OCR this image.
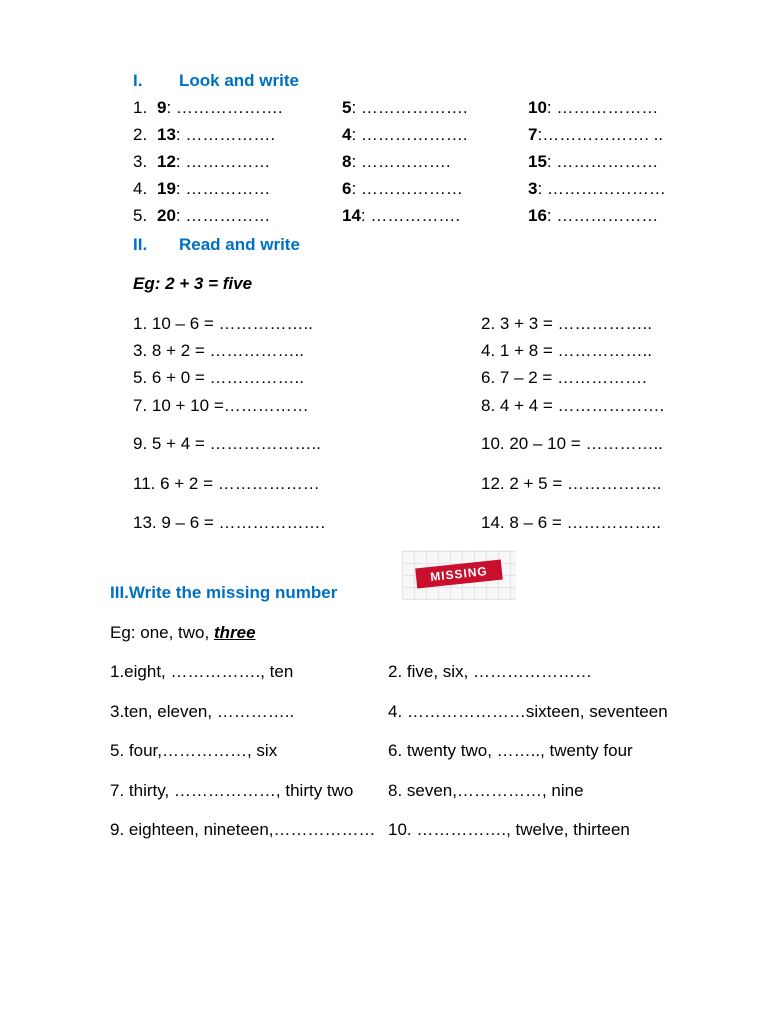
I. Look and write
1. 9: ……………….	5: ……………….	10: ………………
2. 13: …………….	4: ……………….	7:………………. ..
3. 12: ……………	8: …………….	15: ………………
4. 19: ……………	6: ………………	3: …………………
5. 20: ……………	14: …………….	16: ………………
II. Read and write
Eg: 2 + 3 = five
1. 10 – 6 = ……………..	2. 3 + 3 = ……………..
3. 8 + 2 = ……………..	4. 1 + 8 = ……………..
5. 6 + 0 = ……………..	6. 7 – 2 = …………….
7. 10 + 10 =……………	8. 4 + 4 = ……………….
9. 5 + 4 = ………………..	10. 20 – 10 = …………..
11. 6 + 2 = ………………	12. 2 + 5 = ……………..
13. 9 – 6 = ……………….	14. 8 – 6 = ……………..
MISSING
III.Write the missing number
Eg: one, two, three
1.eight, ……………., ten	2. five, six, …………………
3.ten, eleven, …………..	4. …………………sixteen, seventeen
5. four,……………, six	6. twenty two, …….., twenty four
7. thirty, ………………, thirty two 8. seven,……………, nine
9. eighteen, nineteen,……………… 10. ……………., twelve, thirteen
